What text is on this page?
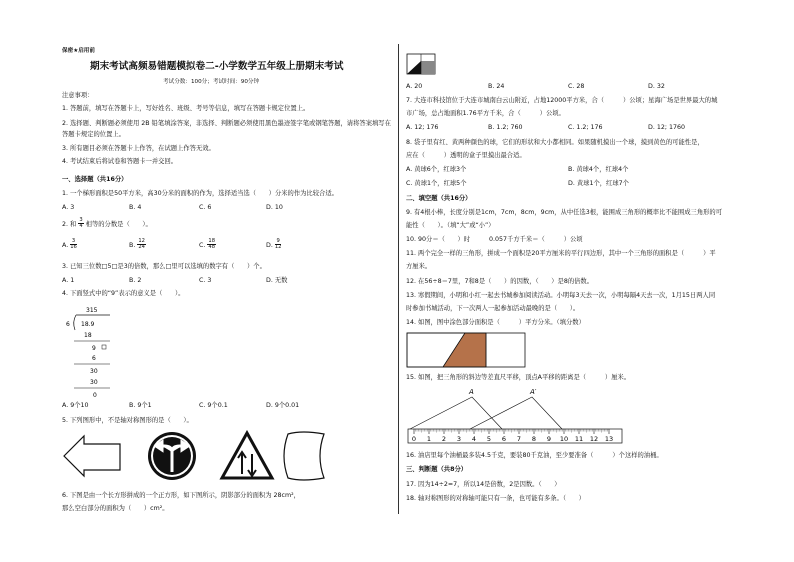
保密★启用前
期末考试高频易错题模拟卷二-小学数学五年级上册期末考试
考试分数：100分；考试时间：90分钟
注意事项：
1. 答题前，填写在答题卡上，写好姓名、班级、考号等信息，填写在答题卡规定位置上。
2. 选择题、判断题必须使用 2B 铅笔填涂答案，非选择、判断题必须使用黑色墨迹签字笔或钢笔答题，请将答案填写在答题卡规定的位置上。
3. 所有题目必须在答题卡上作答，在试题上作答无效。
4. 考试结束后将试卷和答题卡一并交回。
一、选择题（共16分）
1. 一个梯形面积是50平方米，高30分米的面积的作为，选择适当选（　　）分米的作为比较合适。
A. 3	B. 4	C. 6	D. 10
2. 和 $\frac{3}{4}$ 相等的分数是（　　）。
A. $\frac{3}{16}$	B. $\frac{12}{24}$	C. $\frac{18}{48}$	D. $\frac{9}{12}$
3. 已知三位数□5□是3的倍数，那么□里可以选填的数字有（　　）个。
A. 1	B. 2	C. 3	D. 无数
4. 下面竖式中的“9”表示的意义是（　　）。
315
6 18.9
18
9
6
30
30
0
A. 9个10	B. 9个1	C. 9个0.1	D. 9个0.01
5. 下列图形中，不是轴对称图形的是（　　）。
6. 下图是由一个长方形拼成的一个正方形，如下图所示，阴影部分的面积为 28cm²，
那么空白部分的面积为（　　）cm²。
A. 20	B. 24	C. 28	D. 32
7. 大连市科技馆位于大连市城南白云山附近，占地12000平方米，合（　　　）公顷；星海广场是世界最大的城
市广场，总占地面积1.76平方千米，合（　　　）公顷。
A. 12; 176	B. 1.2; 760	C. 1.2; 176	D. 12; 1760
8. 袋子里有红、黄两种颜色的球，它们的形状和大小都相同。如果随机摸出一个球，摸到黄色的可能性是，
应在（　　　）透明的盒子里摸出最合适。
A. 黄球6个，红球3个	B. 黄球4个，红球4个
C. 黄球1个，红球5个	D. 黄球1个，红球7个
二、填空题（共16分）
9. 有4根小棒，长度分别是1cm，7cm，8cm，9cm，从中任选3根，能围成三角形的概率比不能围成三角形的可
能性（　　）。（填“大”或“小”）
10. 90分＝（　　）时　　　0.057千方千米＝（　　　）公顷
11. 两个完全一样的三角形，拼成一个面积是20平方厘米的平行四边形，其中一个三角形的面积是（　　　）平
方厘米。
12. 在56÷8＝7里，7和8是（　　）的因数，（　　）是8的倍数。
13. 寒假期间，小明和小红一起去书城参加阅读活动。小明每3天去一次，小明每隔4天去一次，1月15日两人同
时参加书城活动，下一次两人一起参加活动最晚的是（　　）。
14. 如图，图中涂色部分面积是（　　　）平方分米。（填分数）
15. 如图，把三角形的斜边等差直尺平移，顶点A平移的距离是（　　　）厘米。
A	A′
0 1 2 3 4 5 6 7 8 9 10 11 12 13
16. 油店里每个油桶最多装4.5千克，要装80千克油，至少要准备（　　　）个这样的油桶。
三、判断题（共8分）
17. 因为14÷2=7，所以14是倍数，2是因数。（　　）
18. 轴对称图形的对称轴可能只有一条，也可能有多条。（　　）
